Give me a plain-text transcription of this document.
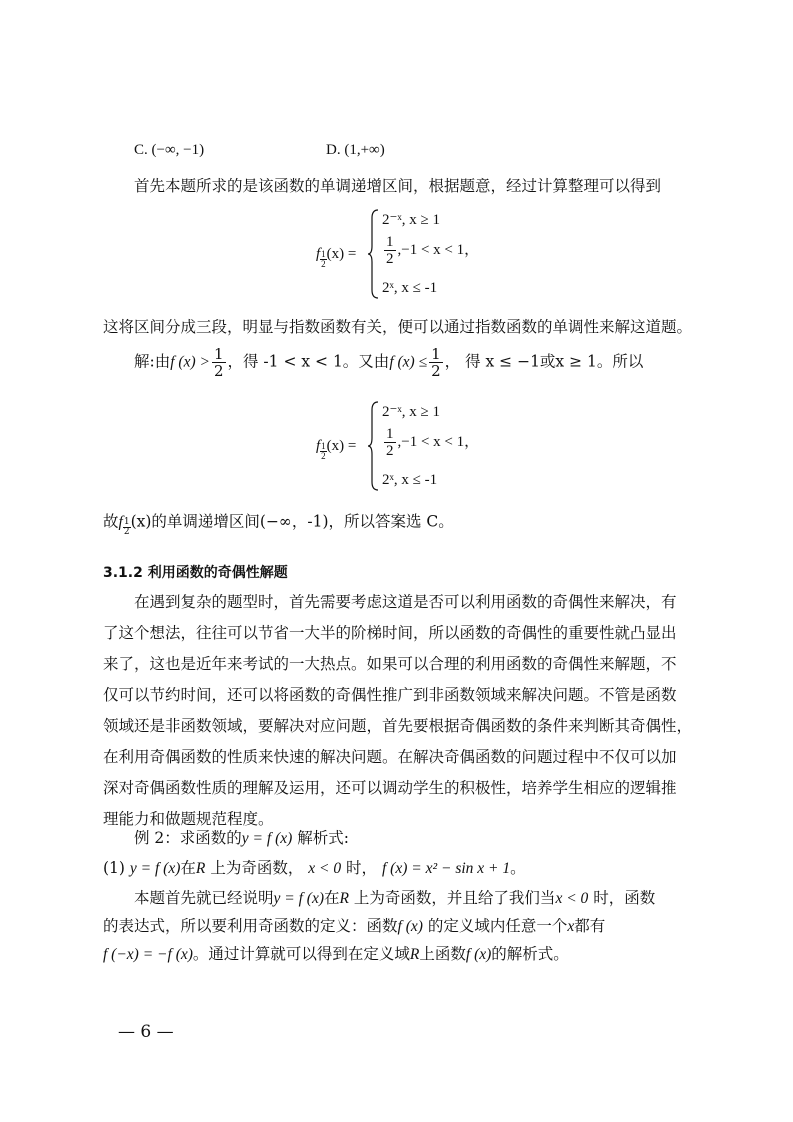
C. (−∞, −1)	D. (1,+∞)
首先本题所求的是该函数的单调递增区间，根据题意，经过计算整理可以得到
f $\frac{1}{2}(x)$ =
2⁻ˣ, x ≥ 1
$\frac{1}{2} ,-1 < x < 1$，
2ˣ, x ≤ -1
这将区间分成三段，明显与指数函数有关，便可以通过指数函数的单调性来解这道题。
解:由f $(x) > \frac{1}{2}$ ，得 -1 < x < 1。又由f $(x) \le \frac{1}{2}$ ， 得 x ≤ −1或x ≥ 1。所以
f $\frac{1}{2}(x)$ =
2⁻ˣ, x ≥ 1
$\frac{1}{2} ,-1 < x < 1$，
2ˣ, x ≤ -1
故f $\frac{1}{2}(x)$的单调递增区间(−∞，-1)，所以答案选 C。
3.1.2 利用函数的奇偶性解题
在遇到复杂的题型时，首先需要考虑这道是否可以利用函数的奇偶性来解决，有
了这个想法，往往可以节省一大半的阶梯时间，所以函数的奇偶性的重要性就凸显出
来了，这也是近年来考试的一大热点。如果可以合理的利用函数的奇偶性来解题，不
仅可以节约时间，还可以将函数的奇偶性推广到非函数领域来解决问题。不管是函数
领域还是非函数领域，要解决对应问题，首先要根据奇偶函数的条件来判断其奇偶性，
在利用奇偶函数的性质来快速的解决问题。在解决奇偶函数的问题过程中不仅可以加
深对奇偶函数性质的理解及运用，还可以调动学生的积极性，培养学生相应的逻辑推
理能力和做题规范程度。
例 2：求函数的y = f (x) 解析式:
(1) y = f (x)在R 上为奇函数， x < 0 时， f (x) = x² − sin x + 1。
本题首先就已经说明y = f (x)在R 上为奇函数，并且给了我们当x < 0 时，函数
的表达式，所以要利用奇函数的定义：函数f (x) 的定义域内任意一个x都有
f (−x) = −f (x)。通过计算就可以得到在定义域R上函数f (x)的解析式。
— 6 —
